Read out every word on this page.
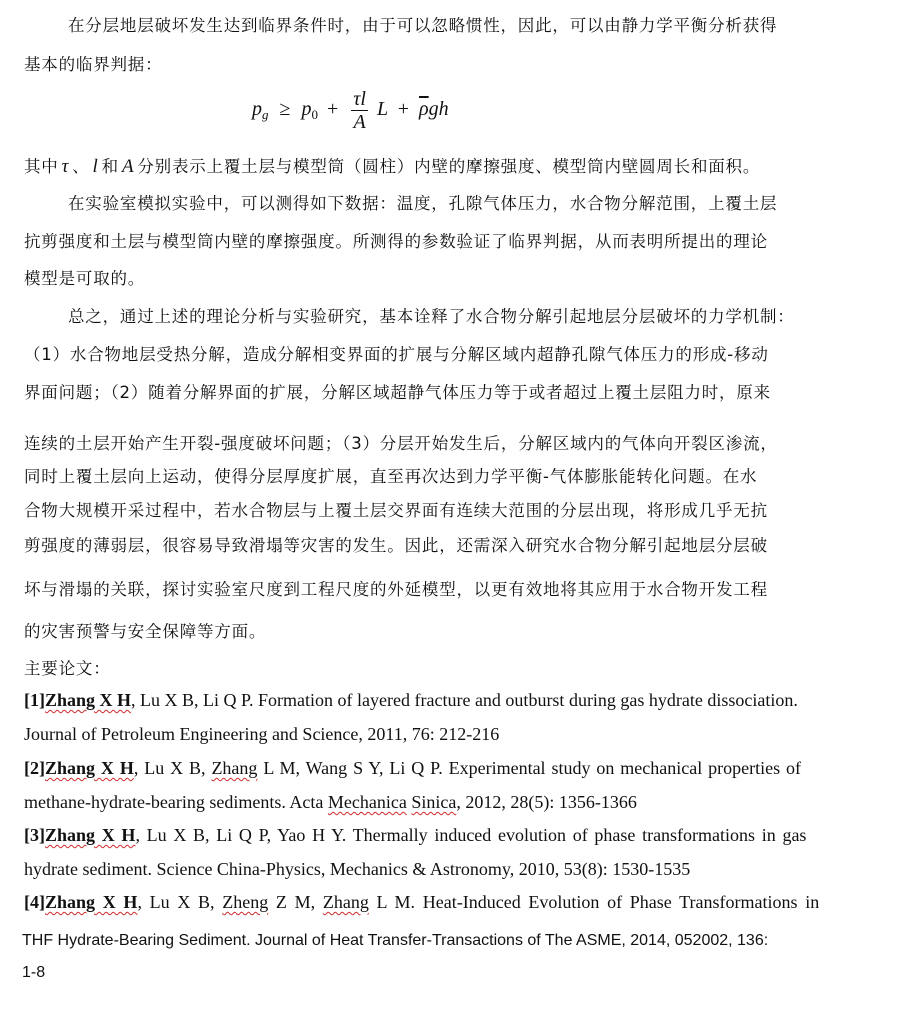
在分层地层破坏发生达到临界条件时，由于可以忽略惯性，因此，可以由静力学平衡分析获得
基本的临界判据：
$p_g \ge p_0 + \frac{\tau l}{A}$ $L + \overline{\rho}gh$
其中 τ 、 l 和 A 分别表示上覆土层与模型筒（圆柱）内壁的摩擦强度、模型筒内壁圆周长和面积。
在实验室模拟实验中，可以测得如下数据：温度，孔隙气体压力，水合物分解范围，上覆土层
抗剪强度和土层与模型筒内壁的摩擦强度。所测得的参数验证了临界判据，从而表明所提出的理论
模型是可取的。
总之，通过上述的理论分析与实验研究，基本诠释了水合物分解引起地层分层破坏的力学机制：
（1）水合物地层受热分解，造成分解相变界面的扩展与分解区域内超静孔隙气体压力的形成-移动
界面问题；（2）随着分解界面的扩展，分解区域超静气体压力等于或者超过上覆土层阻力时，原来
连续的土层开始产生开裂-强度破坏问题；（3）分层开始发生后，分解区域内的气体向开裂区渗流，
同时上覆土层向上运动，使得分层厚度扩展，直至再次达到力学平衡-气体膨胀能转化问题。在水
合物大规模开采过程中，若水合物层与上覆土层交界面有连续大范围的分层出现，将形成几乎无抗
剪强度的薄弱层，很容易导致滑塌等灾害的发生。因此，还需深入研究水合物分解引起地层分层破
坏与滑塌的关联，探讨实验室尺度到工程尺度的外延模型，以更有效地将其应用于水合物开发工程
的灾害预警与安全保障等方面。
主要论文：
[1]Zhang X H, Lu X B, Li Q P. Formation of layered fracture and outburst during gas hydrate dissociation.
Journal of Petroleum Engineering and Science, 2011, 76: 212-216
[2]Zhang X H, Lu X B, Zhang L M, Wang S Y, Li Q P. Experimental study on mechanical properties of
methane-hydrate-bearing sediments. Acta Mechanica Sinica, 2012, 28(5): 1356-1366
[3]Zhang X H, Lu X B, Li Q P, Yao H Y. Thermally induced evolution of phase transformations in gas
hydrate sediment. Science China-Physics, Mechanics & Astronomy, 2010, 53(8): 1530-1535
[4]Zhang X H, Lu X B, Zheng Z M, Zhang L M. Heat-Induced Evolution of Phase Transformations in
THF Hydrate-Bearing Sediment. Journal of Heat Transfer-Transactions of The ASME, 2014, 052002, 136:
1-8
